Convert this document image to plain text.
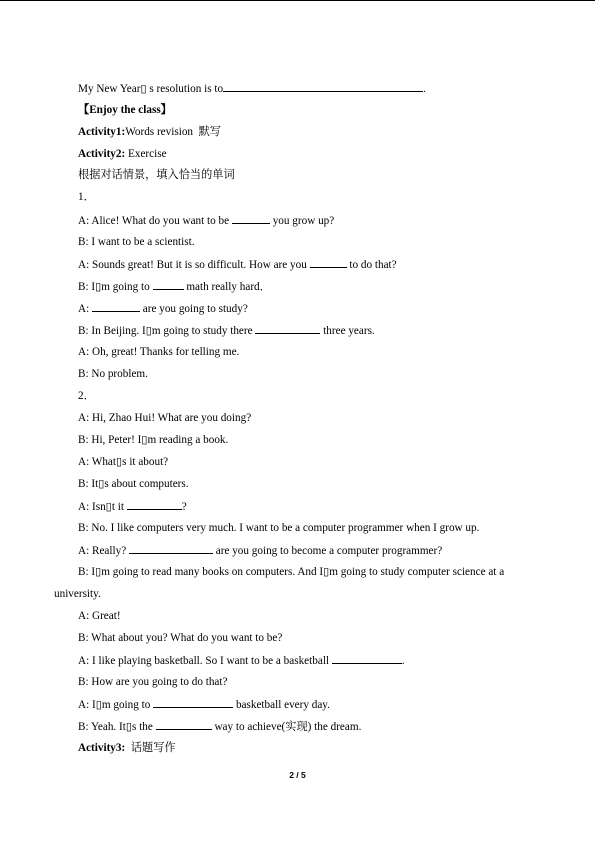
My New Year▯ s resolution is to	.
【Enjoy the class】
Activity1:Words revision  默写
Activity2: Exercise
根据对话情景，填入恰当的单词
1．
A: Alice! What do you want to be	you grow up?
B: I want to be a scientist.
A: Sounds great! But it is so difficult. How are you	to do that?
B: I▯m going to	math really hard．
A:	are you going to study?
B: In Beijing. I▯m going to study there	three years.
A: Oh, great! Thanks for telling me.
B: No problem.
2．
A: Hi, Zhao Hui! What are you doing?
B: Hi, Peter! I▯m reading a book.
A: What▯s it about?
B: It▯s about computers.
A: Isn▯t it	?
B: No. I like computers very much. I want to be a computer programmer when I grow up.
A: Really?	are you going to become a computer programmer?
B: I▯m going to read many books on computers. And I▯m going to study computer science at a
university.
A: Great!
B: What about you? What do you want to be?
A: I like playing basketball. So I want to be a basketball	.
B: How are you going to do that?
A: I▯m going to	basketball every day.
B: Yeah. It▯s the	way to achieve(实现) the dream.
Activity3:  话题写作
2 / 5
